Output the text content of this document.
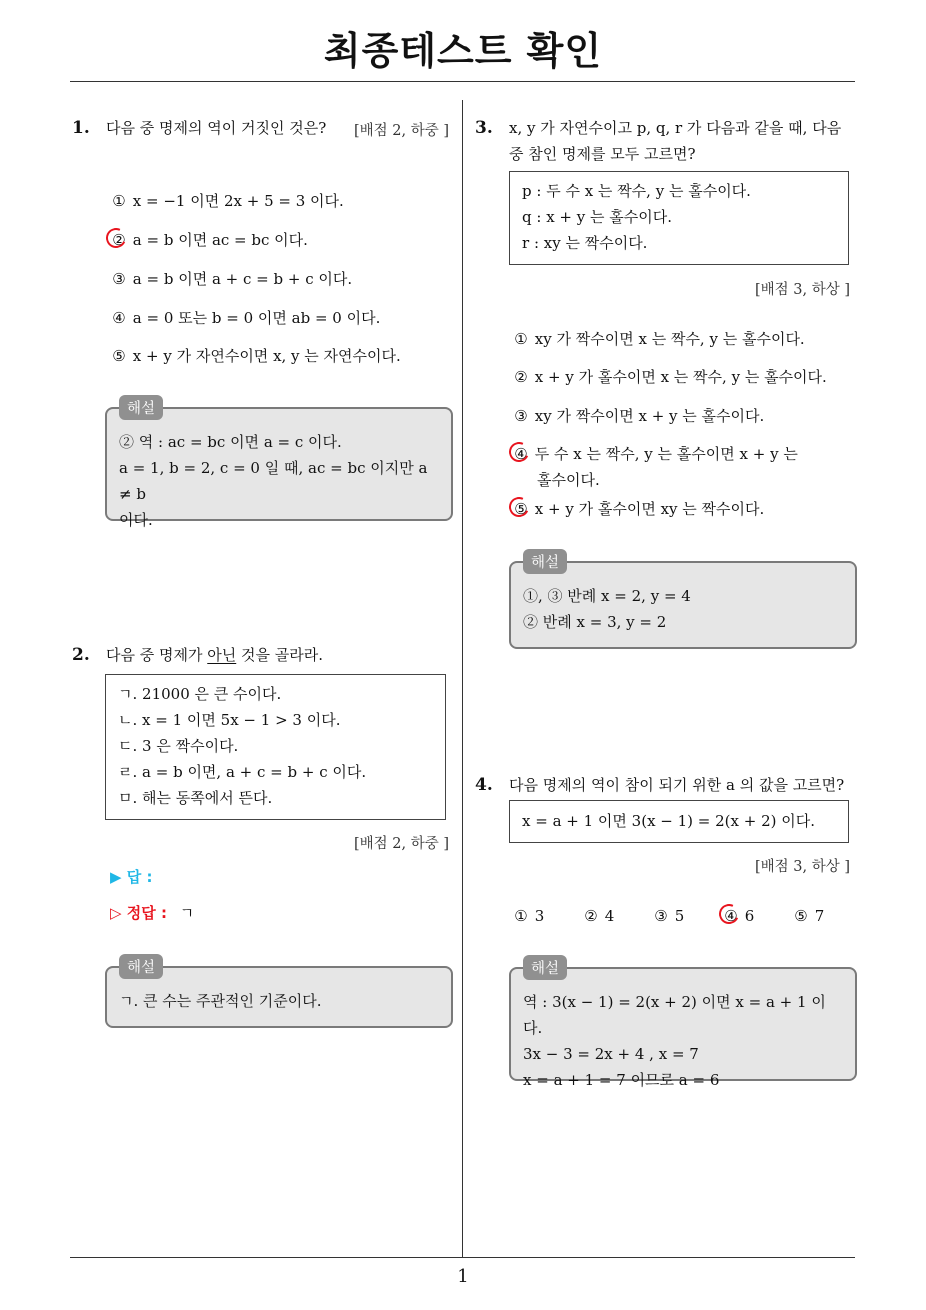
최종테스트 확인
1
1. 다음 중 명제의 역이 거짓인 것은? [배점 2, 하중 ]
① x = −1 이면 2x + 5 = 3 이다.
② a = b 이면 ac = bc 이다.
③ a = b 이면 a + c = b + c 이다.
④ a = 0 또는 b = 0 이면 ab = 0 이다.
⑤ x + y 가 자연수이면 x, y 는 자연수이다.
해설
② 역 : ac = bc 이면 a = c 이다.
a = 1, b = 2, c = 0 일 때, ac = bc 이지만 a ≠ b
이다.
2. 다음 중 명제가 아닌 것을 골라라.
ㄱ. 21000 은 큰 수이다.
ㄴ. x = 1 이면 5x − 1 > 3 이다.
ㄷ. 3 은 짝수이다.
ㄹ. a = b 이면, a + c = b + c 이다.
ㅁ. 해는 동쪽에서 뜬다.
[배점 2, 하중 ]
▶ 답 :
▷ 정답 : ㄱ
해설
ㄱ. 큰 수는 주관적인 기준이다.
3. x, y 가 자연수이고 p, q, r 가 다음과 같을 때, 다음
중 참인 명제를 모두 고르면?
p : 두 수 x 는 짝수, y 는 홀수이다.
q : x + y 는 홀수이다.
r : xy 는 짝수이다.
[배점 3, 하상 ]
① xy 가 짝수이면 x 는 짝수, y 는 홀수이다.
② x + y 가 홀수이면 x 는 짝수, y 는 홀수이다.
③ xy 가 짝수이면 x + y 는 홀수이다.
④ 두 수 x 는 짝수, y 는 홀수이면 x + y 는
홀수이다.
⑤ x + y 가 홀수이면 xy 는 짝수이다.
해설
①, ③ 반례 x = 2, y = 4
② 반례 x = 3, y = 2
4. 다음 명제의 역이 참이 되기 위한 a 의 값을 고르면?
x = a + 1 이면 3(x − 1) = 2(x + 2) 이다.
[배점 3, 하상 ]
① 3	② 4	③ 5	④ 6	⑤ 7
해설
역 : 3(x − 1) = 2(x + 2) 이면 x = a + 1 이다.
3x − 3 = 2x + 4 , x = 7
x = a + 1 = 7 이므로 a = 6
